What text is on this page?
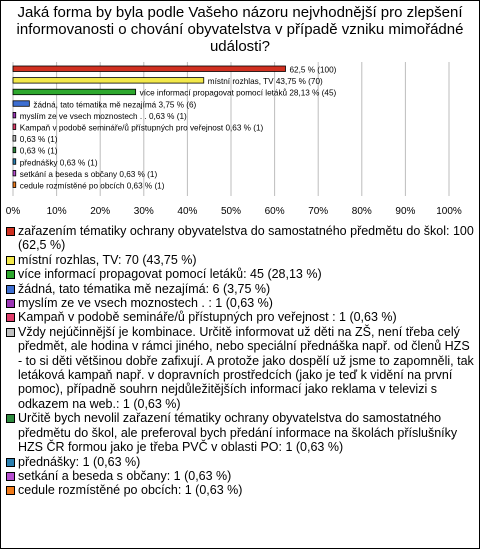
Jaká forma by byla podle Vašeho názoru nejvhodnější pro zlepšení informovanosti o chování obyvatelstva v případě vzniku mimořádné události?
62,5 % (100)
místní rozhlas, TV 43,75 % (70)
více informací propagovat pomocí letáků 28,13 % (45)
žádná, tato tématika mě nezajímá 3,75 % (6)
myslím ze ve vsech moznostech . . 0,63 % (1)
Kampaň v podobě semináře/ů přístupných pro veřejnost 0,63 % (1)
0,63 % (1)
0,63 % (1)
přednášky 0,63 % (1)
setkání a beseda s občany 0,63 % (1)
cedule rozmístěné po obcích 0,63 % (1)
0%	10% 20% 30% 40% 50% 60% 70% 80% 90% 100%
zařazením tématiky ochrany obyvatelstva do samostatného předmětu do škol: 100 (62,5 %)
místní rozhlas, TV: 70 (43,75 %)
více informací propagovat pomocí letáků: 45 (28,13 %)
žádná, tato tématika mě nezajímá: 6 (3,75 %)
myslím ze ve vsech moznostech . : 1 (0,63 %)
Kampaň v podobě semináře/ů přístupných pro veřejnost : 1 (0,63 %)
Vždy nejúčinnější je kombinace. Určitě informovat už děti na ZŠ, není třeba celý předmět, ale hodina v rámci jiného, nebo speciální přednáška např. od členů HZS - to si děti většinou dobře zafixují. A protože jako dospělí už jsme to zapomněli, tak letáková kampaň např. v dopravních prostředcích (jako je teď k vidění na první pomoc), případně souhrn nejdůležitějších informací jako reklama v televizi s odkazem na web.: 1 (0,63 %)
Určitě bych nevolil zařazení tématiky ochrany obyvatelstva do samostatného předmětu do škol, ale preferoval bych předání informace na školách příslušníky HZS ČR formou jako je třeba PVČ v oblasti PO: 1 (0,63 %)
přednášky: 1 (0,63 %)
setkání a beseda s občany: 1 (0,63 %)
cedule rozmístěné po obcích: 1 (0,63 %)
